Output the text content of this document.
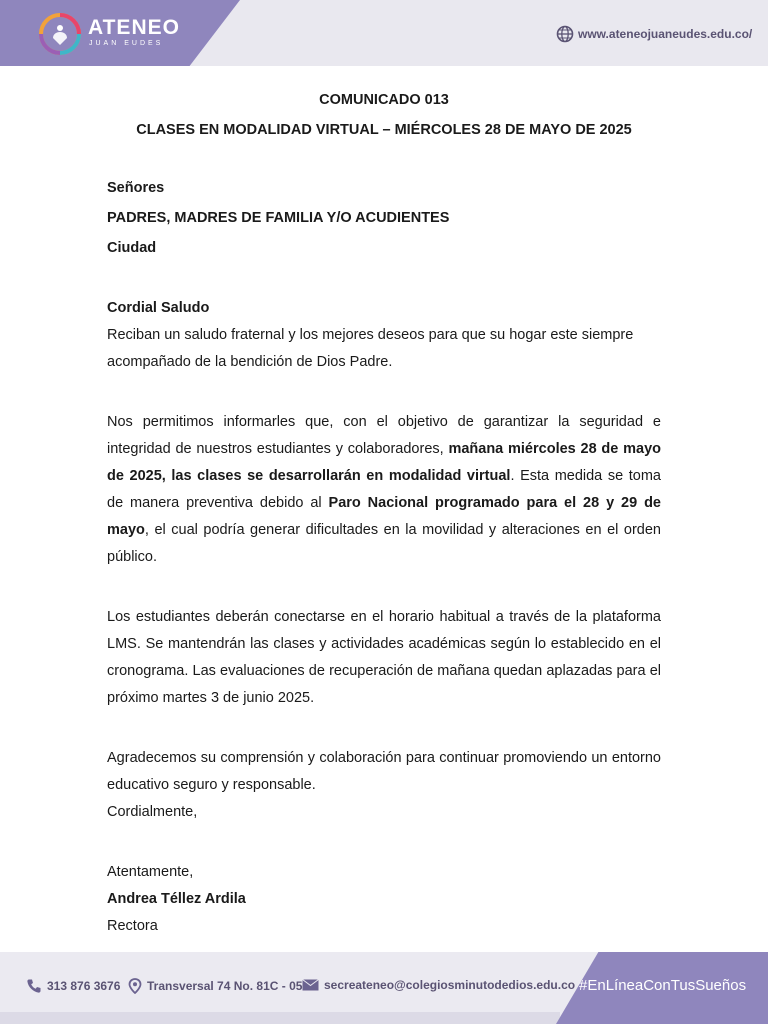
ATENEO
JUAN EUDES
www.ateneojuaneudes.edu.co/
COMUNICADO 013
CLASES EN MODALIDAD VIRTUAL – MIÉRCOLES 28 DE MAYO DE 2025

Señores

PADRES, MADRES DE FAMILIA Y/O ACUDIENTES

Ciudad

Cordial Saludo

Reciban un saludo fraternal y los mejores deseos para que su hogar este siempre acompañado de la bendición de Dios Padre.

Nos permitimos informarles que, con el objetivo de garantizar la seguridad e integridad de nuestros estudiantes y colaboradores, mañana miércoles 28 de mayo de 2025, las clases se desarrollarán en modalidad virtual. Esta medida se toma de manera preventiva debido al Paro Nacional programado para el 28 y 29 de mayo, el cual podría generar dificultades en la movilidad y alteraciones en el orden público.

Los estudiantes deberán conectarse en el horario habitual a través de la plataforma LMS. Se mantendrán las clases y actividades académicas según lo establecido en el cronograma. Las evaluaciones de recuperación de mañana quedan aplazadas para el próximo martes 3 de junio 2025.

Agradecemos su comprensión y colaboración para continuar promoviendo un entorno educativo seguro y responsable.

Cordialmente,

Atentamente,

Andrea Téllez Ardila

Rectora

313 876 3676 Transversal 74 No. 81C - 05 secreateneo@colegiosminutodedios.edu.co #EnLíneaConTusSueños
